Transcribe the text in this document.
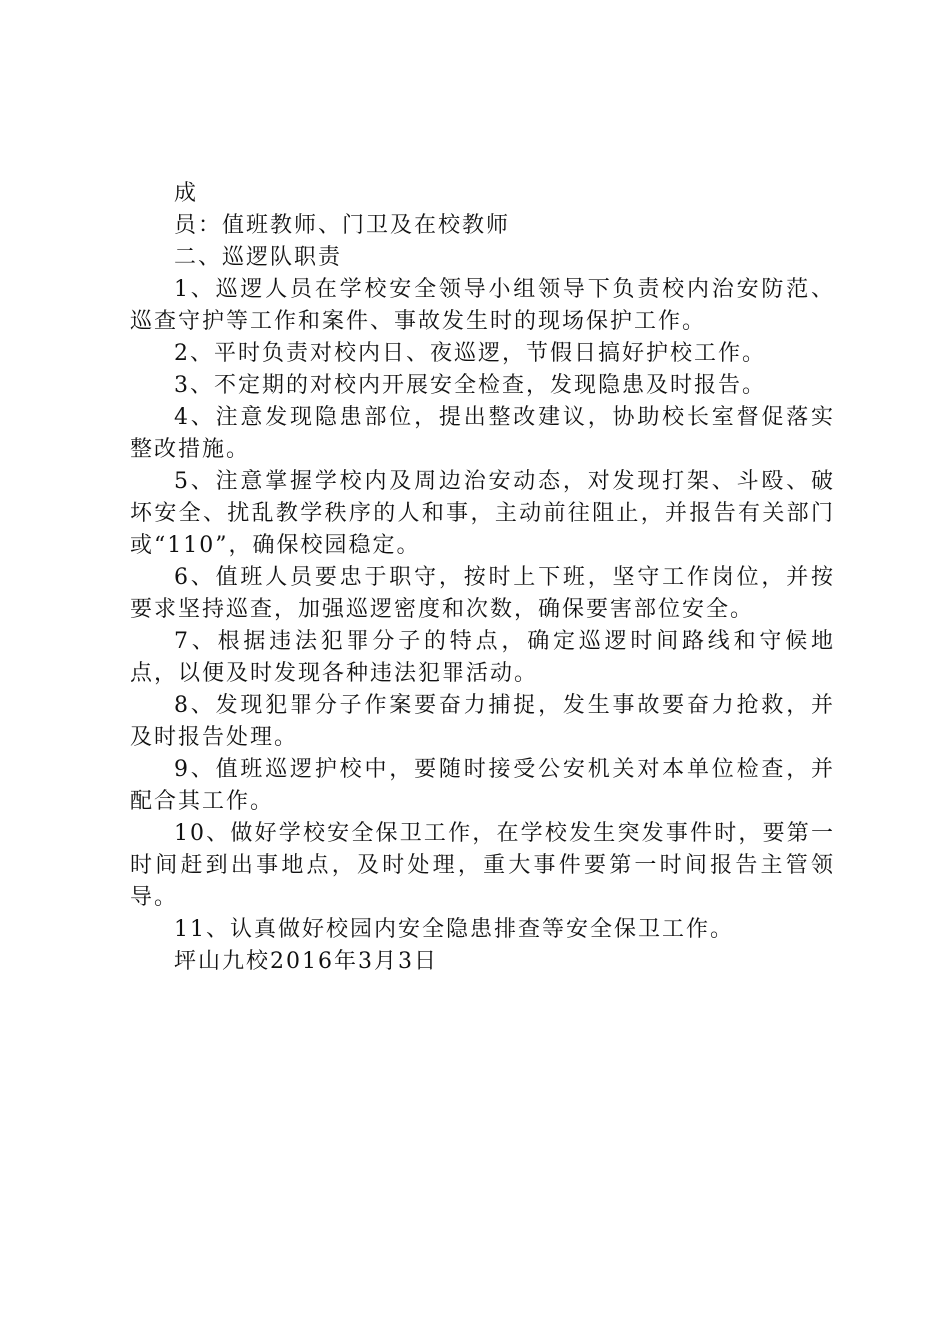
成

员：值班教师、门卫及在校教师

二、巡逻队职责

1、巡逻人员在学校安全领导小组领导下负责校内治安防范、巡查守护等工作和案件、事故发生时的现场保护工作。

2、平时负责对校内日、夜巡逻，节假日搞好护校工作。

3、不定期的对校内开展安全检查，发现隐患及时报告。

4、注意发现隐患部位，提出整改建议，协助校长室督促落实整改措施。

5、注意掌握学校内及周边治安动态，对发现打架、斗殴、破坏安全、扰乱教学秩序的人和事，主动前往阻止，并报告有关部门或“110”，确保校园稳定。

6、值班人员要忠于职守，按时上下班，坚守工作岗位，并按要求坚持巡查，加强巡逻密度和次数，确保要害部位安全。

7、根据违法犯罪分子的特点，确定巡逻时间路线和守候地点，以便及时发现各种违法犯罪活动。

8、发现犯罪分子作案要奋力捕捉，发生事故要奋力抢救，并及时报告处理。

9、值班巡逻护校中，要随时接受公安机关对本单位检查，并配合其工作。

10、做好学校安全保卫工作，在学校发生突发事件时，要第一时间赶到出事地点，及时处理，重大事件要第一时间报告主管领导。

11、认真做好校园内安全隐患排查等安全保卫工作。

坪山九校2016年3月3日
